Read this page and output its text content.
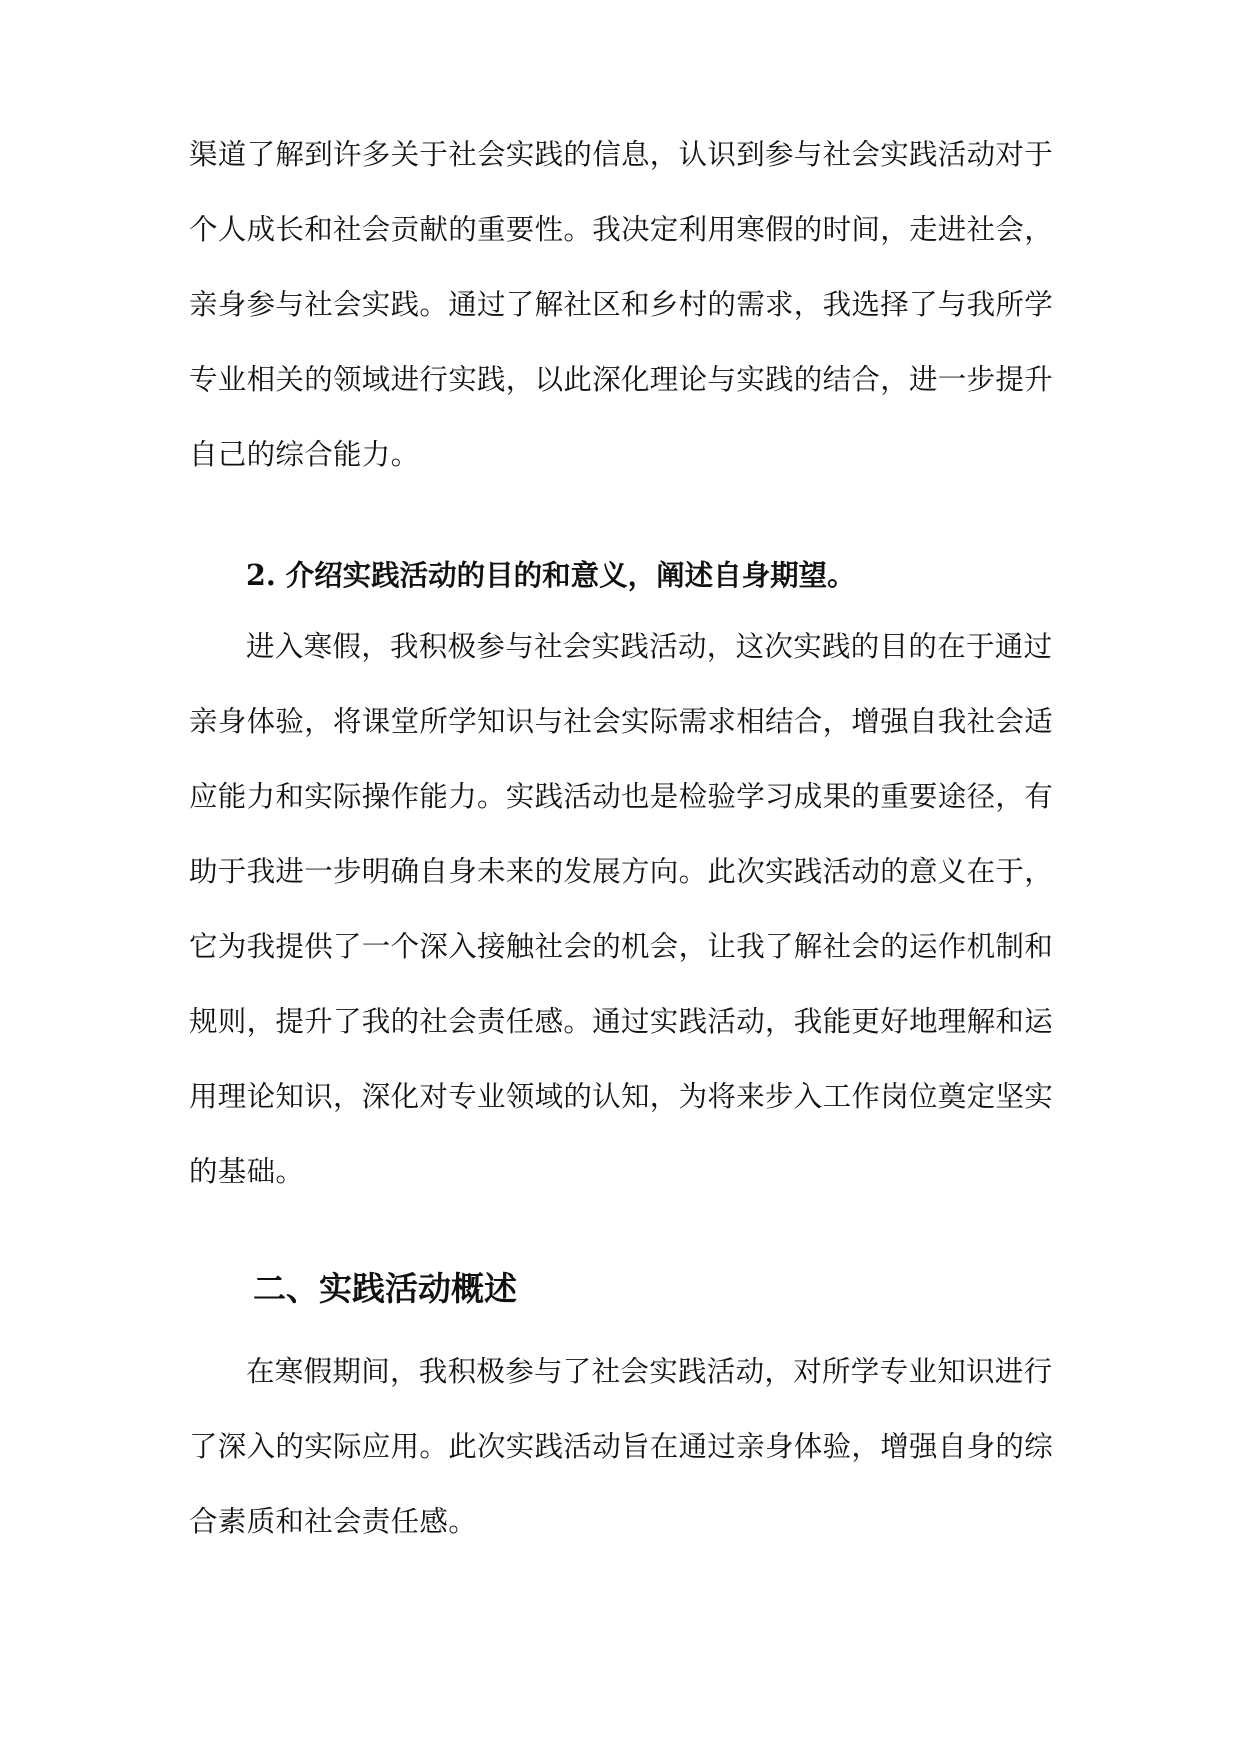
渠道了解到许多关于社会实践的信息，认识到参与社会实践活动对于
个人成长和社会贡献的重要性。我决定利用寒假的时间，走进社会，
亲身参与社会实践。通过了解社区和乡村的需求，我选择了与我所学
专业相关的领域进行实践，以此深化理论与实践的结合，进一步提升
自己的综合能力。
2. 介绍实践活动的目的和意义，阐述自身期望。
进入寒假，我积极参与社会实践活动，这次实践的目的在于通过
亲身体验，将课堂所学知识与社会实际需求相结合，增强自我社会适
应能力和实际操作能力。实践活动也是检验学习成果的重要途径，有
助于我进一步明确自身未来的发展方向。此次实践活动的意义在于，
它为我提供了一个深入接触社会的机会，让我了解社会的运作机制和
规则，提升了我的社会责任感。通过实践活动，我能更好地理解和运
用理论知识，深化对专业领域的认知，为将来步入工作岗位奠定坚实
的基础。
二、实践活动概述
在寒假期间，我积极参与了社会实践活动，对所学专业知识进行
了深入的实际应用。此次实践活动旨在通过亲身体验，增强自身的综
合素质和社会责任感。
